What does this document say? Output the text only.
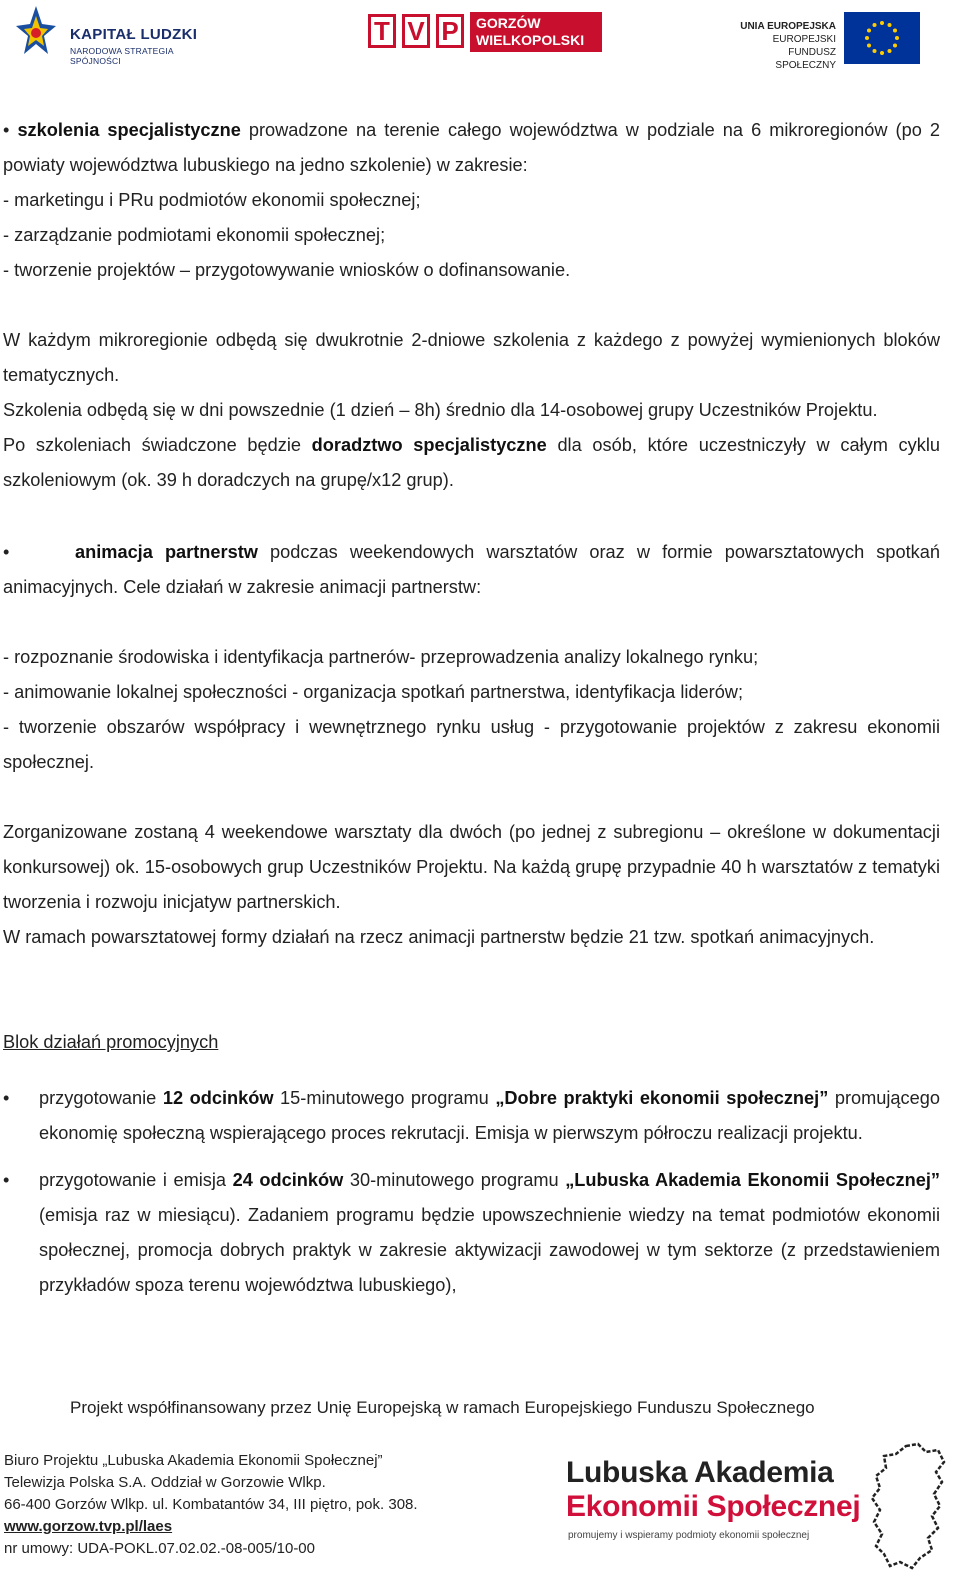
KAPITAŁ LUDZKI
NARODOWA STRATEGIA SPÓJNOŚCI
T V P	GORZÓW
WIELKOPOLSKI
UNIA EUROPEJSKA
EUROPEJSKI
FUNDUSZ SPOŁECZNY
• szkolenia specjalistyczne prowadzone na terenie całego województwa w podziale na 6 mikroregionów (po 2 powiaty województwa lubuskiego na jedno szkolenie) w zakresie:
- marketingu i PRu podmiotów ekonomii społecznej;
- zarządzanie podmiotami ekonomii społecznej;
- tworzenie projektów – przygotowywanie wniosków o dofinansowanie.
W każdym mikroregionie odbędą się dwukrotnie 2-dniowe szkolenia z każdego z powyżej wymienionych bloków tematycznych.
Szkolenia odbędą się w dni powszednie (1 dzień – 8h) średnio dla 14-osobowej grupy Uczestników Projektu.
Po szkoleniach świadczone będzie doradztwo specjalistyczne dla osób, które uczestniczyły w całym cyklu szkoleniowym (ok. 39 h doradczych na grupę/x12 grup).
•	animacja partnerstw podczas weekendowych warsztatów oraz w formie powarsztatowych spotkań animacyjnych. Cele działań w zakresie animacji partnerstw:
- rozpoznanie środowiska i identyfikacja partnerów- przeprowadzenia analizy lokalnego rynku;
- animowanie lokalnej społeczności - organizacja spotkań partnerstwa, identyfikacja liderów;
- tworzenie obszarów współpracy i wewnętrznego rynku usług - przygotowanie projektów z zakresu ekonomii społecznej.
Zorganizowane zostaną 4 weekendowe warsztaty dla dwóch (po jednej z subregionu – określone w dokumentacji konkursowej) ok. 15-osobowych grup Uczestników Projektu. Na każdą grupę przypadnie 40 h warsztatów z tematyki tworzenia i rozwoju inicjatyw partnerskich.
W ramach powarsztatowej formy działań na rzecz animacji partnerstw będzie 21 tzw. spotkań animacyjnych.
Blok działań promocyjnych
• przygotowanie 12 odcinków 15-minutowego programu „Dobre praktyki ekonomii społecznej” promującego ekonomię społeczną wspierającego proces rekrutacji. Emisja w pierwszym półroczu realizacji projektu.
• przygotowanie i emisja 24 odcinków 30-minutowego programu „Lubuska Akademia Ekonomii Społecznej” (emisja raz w miesiącu). Zadaniem programu będzie upowszechnienie wiedzy na temat podmiotów ekonomii społecznej, promocja dobrych praktyk w zakresie aktywizacji zawodowej w tym sektorze (z przedstawieniem przykładów spoza terenu województwa lubuskiego),
Projekt współfinansowany przez Unię Europejską w ramach Europejskiego Funduszu Społecznego
Biuro Projektu „Lubuska Akademia Ekonomii Społecznej”
Telewizja Polska S.A. Oddział w Gorzowie Wlkp.
66-400 Gorzów Wlkp. ul. Kombatantów 34, III piętro, pok. 308.
www.gorzow.tvp.pl/laes
nr umowy: UDA-POKL.07.02.02.-08-005/10-00
Lubuska Akademia
Ekonomii Społecznej
promujemy i wspieramy podmioty ekonomii społecznej
